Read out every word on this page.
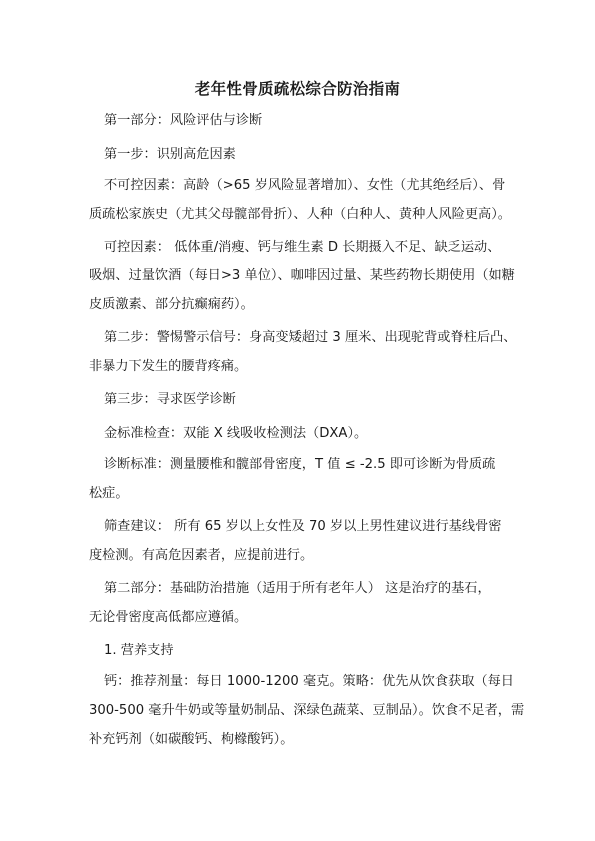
老年性骨质疏松综合防治指南
第一部分：风险评估与诊断
第一步：识别高危因素
不可控因素：高龄（>65 岁风险显著增加）、女性（尤其绝经后）、骨
质疏松家族史（尤其父母髋部骨折）、人种（白种人、黄种人风险更高）。
可控因素： 低体重/消瘦、钙与维生素 D 长期摄入不足、缺乏运动、
吸烟、过量饮酒（每日>3 单位）、咖啡因过量、某些药物长期使用（如糖
皮质激素、部分抗癫痫药）。
第二步：警惕警示信号：身高变矮超过 3 厘米、出现驼背或脊柱后凸、
非暴力下发生的腰背疼痛。
第三步：寻求医学诊断
金标准检查：双能 X 线吸收检测法（DXA）。
诊断标准：测量腰椎和髋部骨密度，T 值 ≤ -2.5 即可诊断为骨质疏
松症。
筛查建议： 所有 65 岁以上女性及 70 岁以上男性建议进行基线骨密
度检测。有高危因素者，应提前进行。
第二部分：基础防治措施（适用于所有老年人） 这是治疗的基石，
无论骨密度高低都应遵循。
1. 营养支持
钙：推荐剂量：每日 1000-1200 毫克。策略：优先从饮食获取（每日
300-500 毫升牛奶或等量奶制品、深绿色蔬菜、豆制品）。饮食不足者，需
补充钙剂（如碳酸钙、枸橼酸钙）。
